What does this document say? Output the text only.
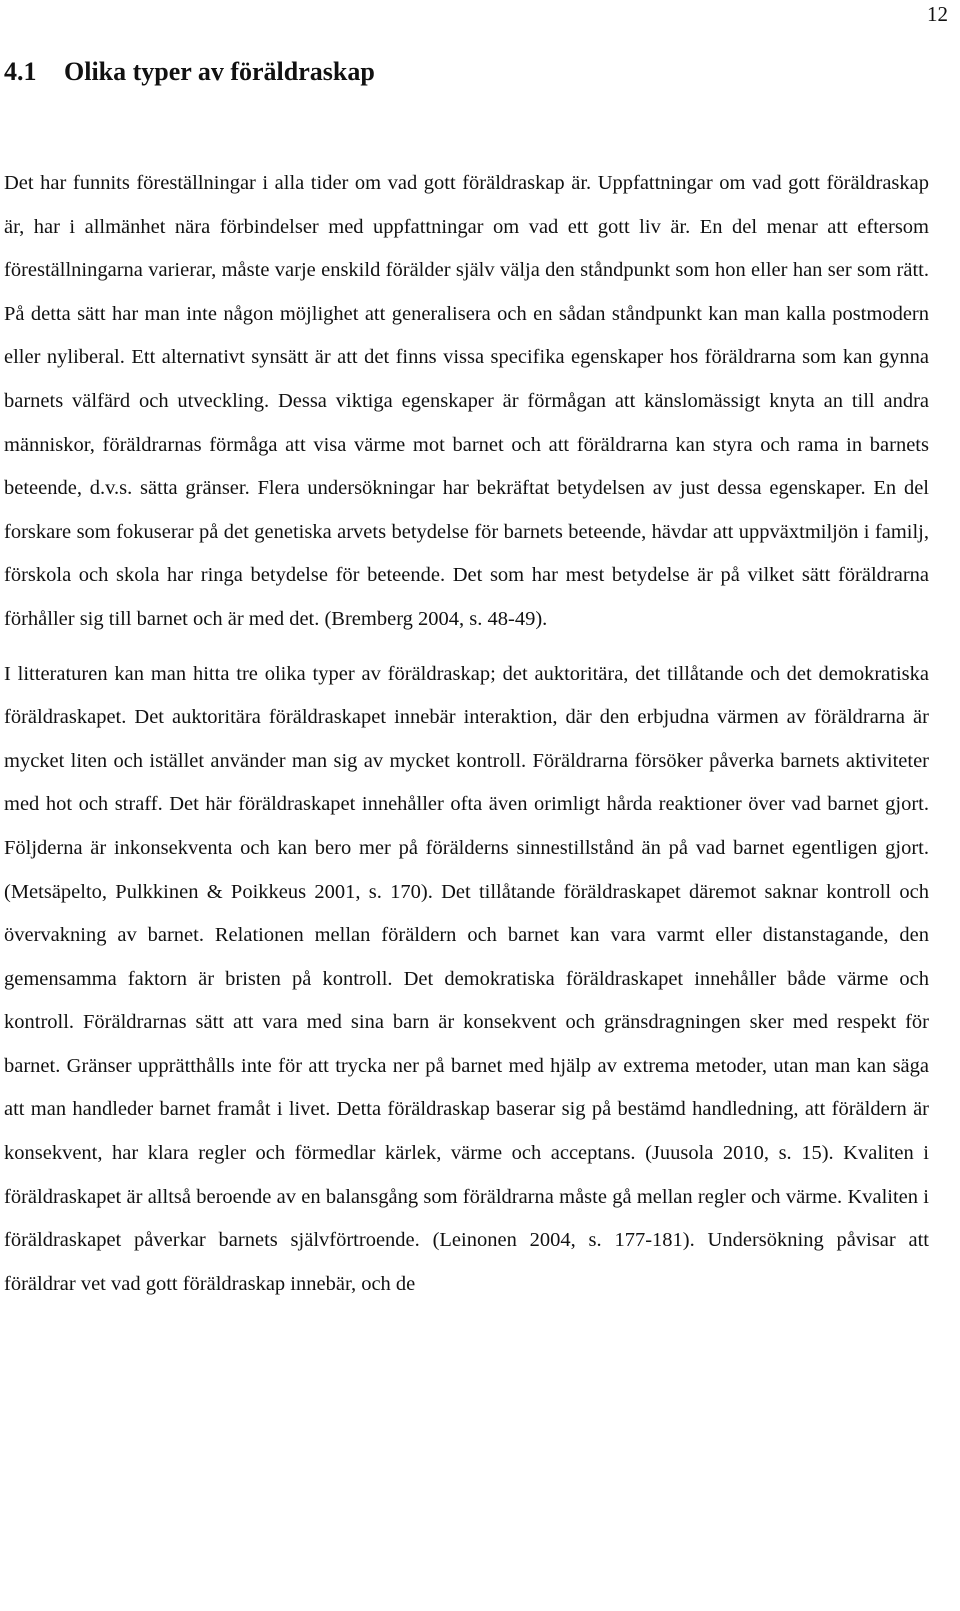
12
4.1	Olika typer av föräldraskap

Det har funnits föreställningar i alla tider om vad gott föräldraskap är. Uppfattningar om vad gott föräldraskap är, har i allmänhet nära förbindelser med uppfattningar om vad ett gott liv är. En del menar att eftersom föreställningarna varierar, måste varje enskild förälder själv välja den ståndpunkt som hon eller han ser som rätt. På detta sätt har man inte någon möjlighet att generalisera och en sådan ståndpunkt kan man kalla postmodern eller nyliberal. Ett alternativt synsätt är att det finns vissa specifika egenskaper hos föräldrarna som kan gynna barnets välfärd och utveckling. Dessa viktiga egenskaper är förmågan att känslomässigt knyta an till andra människor, föräldrarnas förmåga att visa värme mot barnet och att föräldrarna kan styra och rama in barnets beteende, d.v.s. sätta gränser. Flera undersökningar har bekräftat betydelsen av just dessa egenskaper. En del forskare som fokuserar på det genetiska arvets betydelse för barnets beteende, hävdar att uppväxtmiljön i familj, förskola och skola har ringa betydelse för beteende. Det som har mest betydelse är på vilket sätt föräldrarna förhåller sig till barnet och är med det. (Bremberg 2004, s. 48-49).

I litteraturen kan man hitta tre olika typer av föräldraskap; det auktoritära, det tillåtande och det demokratiska föräldraskapet. Det auktoritära föräldraskapet innebär interaktion, där den erbjudna värmen av föräldrarna är mycket liten och istället använder man sig av mycket kontroll. Föräldrarna försöker påverka barnets aktiviteter med hot och straff. Det här föräldraskapet innehåller ofta även orimligt hårda reaktioner över vad barnet gjort. Följderna är inkonsekventa och kan bero mer på förälderns sinnestillstånd än på vad barnet egentligen gjort. (Metsäpelto, Pulkkinen & Poikkeus 2001, s. 170). Det tillåtande föräldraskapet däremot saknar kontroll och övervakning av barnet. Relationen mellan föräldern och barnet kan vara varmt eller distanstagande, den gemensamma faktorn är bristen på kontroll. Det demokratiska föräldraskapet innehåller både värme och kontroll. Föräldrarnas sätt att vara med sina barn är konsekvent och gränsdragningen sker med respekt för barnet. Gränser upprätthålls inte för att trycka ner på barnet med hjälp av extrema metoder, utan man kan säga att man handleder barnet framåt i livet. Detta föräldraskap baserar sig på bestämd handledning, att föräldern är konsekvent, har klara regler och förmedlar kärlek, värme och acceptans. (Juusola 2010, s. 15). Kvaliten i föräldraskapet är alltså beroende av en balansgång som föräldrarna måste gå mellan regler och värme. Kvaliten i föräldraskapet påverkar barnets självförtroende. (Leinonen 2004, s. 177-181). Undersökning påvisar att föräldrar vet vad gott föräldraskap innebär, och de
